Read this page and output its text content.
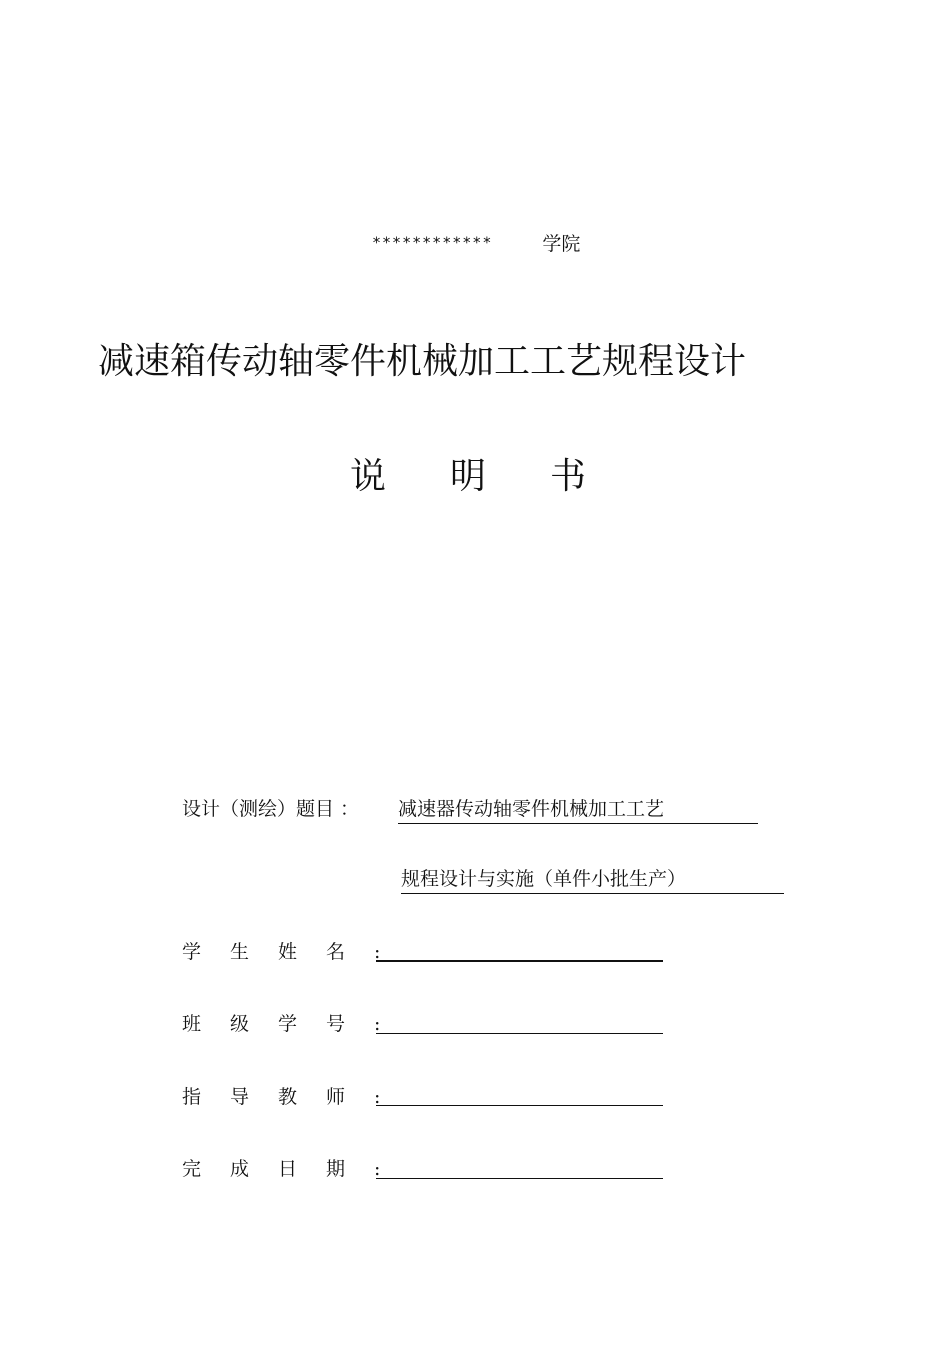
************	学院
减速箱传动轴零件机械加工工艺规程设计
说明书
设计（测绘）题目 ： 减速器传动轴零件机械加工工艺
规程设计与实施（单件小批生产）
学生姓名:
班级学号:
指导教师:
完成日期:
